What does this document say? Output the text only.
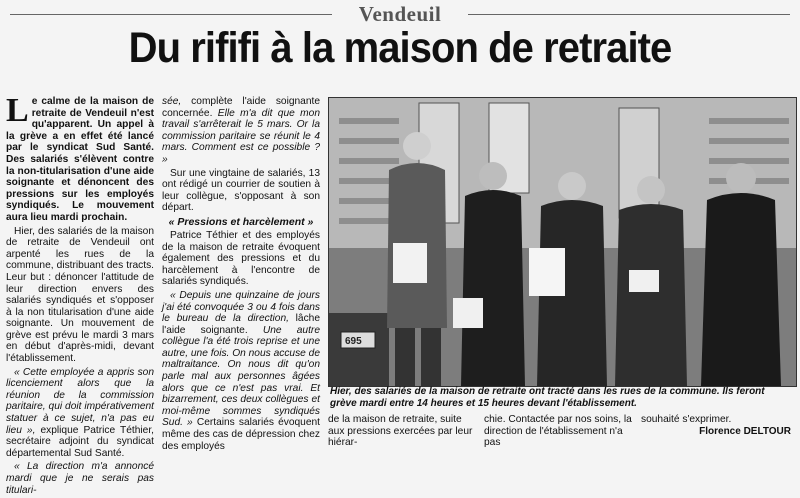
Vendeuil
Du rififi à la maison de retraite

Le calme de la maison de retraite de Vendeuil n'est qu'apparent. Un appel à la grève a en effet été lancé par le syndicat Sud Santé. Des salariés s'élèvent contre la non-titularisation d'une aide soignante et dénoncent des pressions sur les employés syndiqués. Le mouvement aura lieu mardi prochain.

Hier, des salariés de la maison de retraite de Vendeuil ont arpenté les rues de la commune, distribuant des tracts. Leur but : dénoncer l'attitude de leur direction envers des salariés syndiqués et s'opposer à la non titularisation d'une aide soignante. Un mouvement de grève est prévu le mardi 3 mars en début d'après-midi, devant l'établissement.

« Cette employée a appris son licenciement alors que la réunion de la commission paritaire, qui doit impérativement statuer à ce sujet, n'a pas eu lieu », explique Patrice Téthier, secrétaire adjoint du syndicat départemental Sud Santé.

« La direction m'a annoncé mardi que je ne serais pas titulari-

sée, complète l'aide soignante concernée. Elle m'a dit que mon travail s'arrêterait le 5 mars. Or la commission paritaire se réunit le 4 mars. Comment est ce possible ? »

Sur une vingtaine de salariés, 13 ont rédigé un courrier de soutien à leur collègue, s'opposant à son départ.

« Pressions et harcèlement »

Patrice Téthier et des employés de la maison de retraite évoquent également des pressions et du harcèlement à l'encontre de salariés syndiqués.

« Depuis une quinzaine de jours j'ai été convoquée 3 ou 4 fois dans le bureau de la direction, lâche l'aide soignante. Une autre collègue l'a été trois reprise et une autre, une fois. On nous accuse de maltraitance. On nous dit qu'on parle mal aux personnes âgées alors que ce n'est pas vrai. Et bizarrement, ces deux collègues et moi-même sommes syndiqués Sud. » Certains salariés évoquent même des cas de dépression chez des employés

695
Hier, des salariés de la maison de retraite ont tracté dans les rues de la commune. Ils feront grève mardi entre 14 heures et 15 heures devant l'établissement.
de la maison de retraite, suite aux pressions exercées par leur hiérar-
chie. Contactée par nos soins, la direction de l'établissement n'a pas
souhaité s'exprimer.
Florence DELTOUR
